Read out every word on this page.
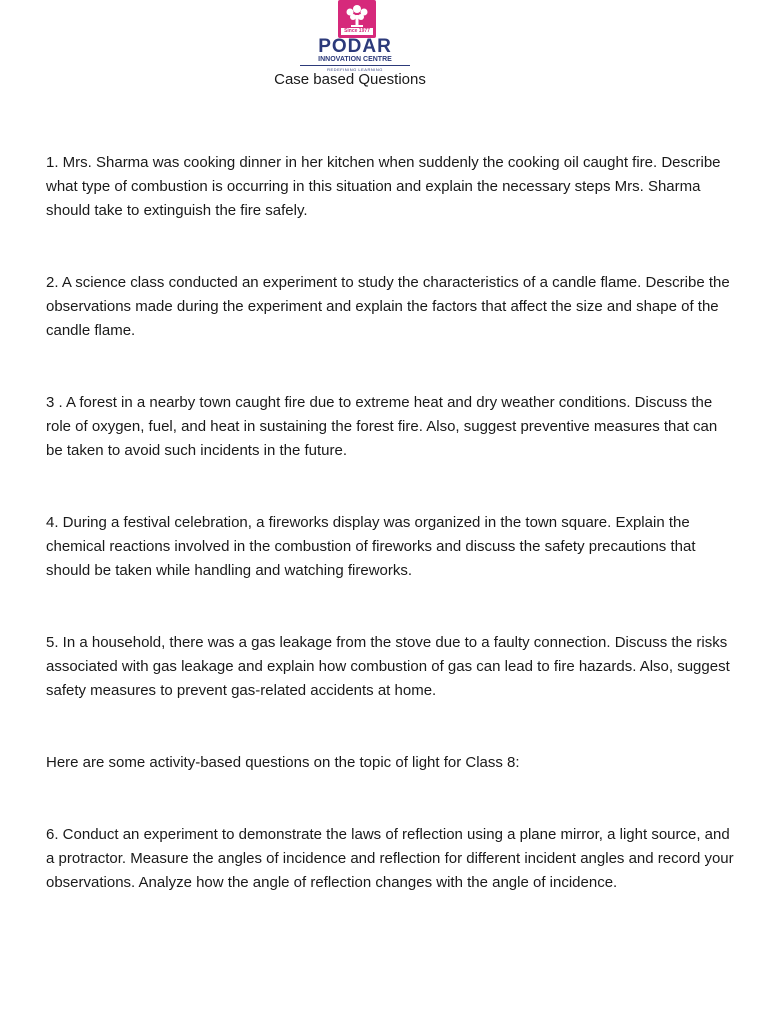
Since 1977
PODAR
INNOVATION CENTRE
REDEFINING LEARNING
Case based Questions

1. Mrs. Sharma was cooking dinner in her kitchen when suddenly the cooking oil caught fire. Describe what type of combustion is occurring in this situation and explain the necessary steps Mrs. Sharma should take to extinguish the fire safely.

2. A science class conducted an experiment to study the characteristics of a candle flame. Describe the observations made during the experiment and explain the factors that affect the size and shape of the candle flame.

3 . A forest in a nearby town caught fire due to extreme heat and dry weather conditions. Discuss the role of oxygen, fuel, and heat in sustaining the forest fire. Also, suggest preventive measures that can be taken to avoid such incidents in the future.

4. During a festival celebration, a fireworks display was organized in the town square. Explain the chemical reactions involved in the combustion of fireworks and discuss the safety precautions that should be taken while handling and watching fireworks.

5. In a household, there was a gas leakage from the stove due to a faulty connection. Discuss the risks associated with gas leakage and explain how combustion of gas can lead to fire hazards. Also, suggest safety measures to prevent gas-related accidents at home.

Here are some activity-based questions on the topic of light for Class 8:

6. Conduct an experiment to demonstrate the laws of reflection using a plane mirror, a light source, and a protractor. Measure the angles of incidence and reflection for different incident angles and record your observations. Analyze how the angle of reflection changes with the angle of incidence.
